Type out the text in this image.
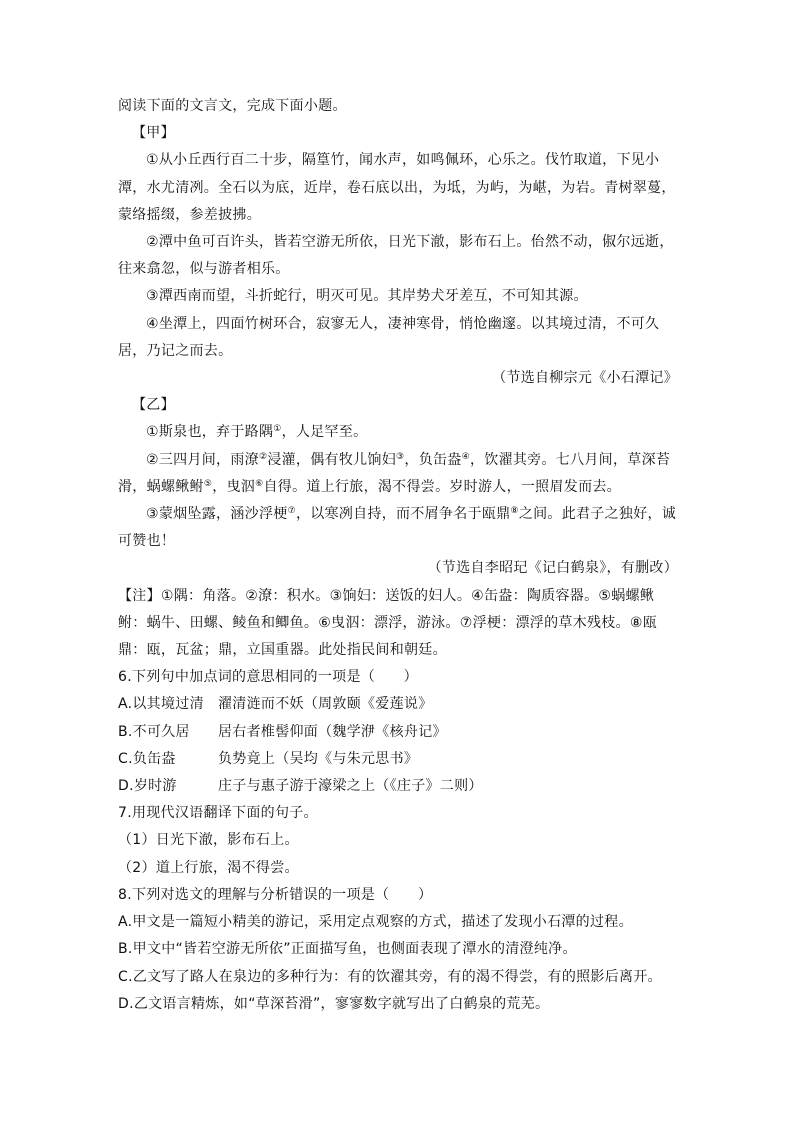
阅读下面的文言文，完成下面小题。

【甲】

①从小丘西行百二十步，隔篁竹，闻水声，如鸣佩环，心乐之。伐竹取道，下见小潭，水尤清冽。全石以为底，近岸，卷石底以出，为坻，为屿，为嵁，为岩。青树翠蔓，蒙络摇缀，参差披拂。

②潭中鱼可百许头，皆若空游无所依，日光下澈，影布石上。佁然不动，俶尔远逝，往来翕忽，似与游者相乐。

③潭西南而望，斗折蛇行，明灭可见。其岸势犬牙差互，不可知其源。

④坐潭上，四面竹树环合，寂寥无人，凄神寒骨，悄怆幽邃。以其境过清，不可久居，乃记之而去。

（节选自柳宗元《小石潭记》

【乙】

①斯泉也，弃于路隅①，人足罕至。

②三四月间，雨潦②浸灌，偶有牧儿饷妇③，负缶盎④，饮濯其旁。七八月间，草深苔滑，蜗螺鳅鲋⑤，曳泅⑥自得。道上行旅，渴不得尝。岁时游人，一照眉发而去。

③蒙烟坠露，涵沙浮梗⑦，以寒冽自持，而不屑争名于瓯鼎⑧之间。此君子之独好，诚可赞也！

（节选自李昭玘《记白鹤泉》，有删改）

【注】①隅：角落。②潦：积水。③饷妇：送饭的妇人。④缶盎：陶质容器。⑤蜗螺鳅鲋：蜗牛、田螺、鲮鱼和鲫鱼。⑥曳泅：漂浮，游泳。⑦浮梗：漂浮的草木残枝。⑧瓯鼎：瓯，瓦盆；鼎，立国重器。此处指民间和朝廷。

6.下列句中加点词的意思相同的一项是（　　）

A.以其境过清	濯清涟而不妖（周敦颐《爱莲说》
B.不可久居	居右者椎髻仰面（魏学洢《核舟记》
C.负缶盎	负势竟上（吴均《与朱元思书》
D.岁时游	庄子与惠子游于濠梁之上（《庄子》二则）

7.用现代汉语翻译下面的句子。

（1）日光下澈，影布石上。

（2）道上行旅，渴不得尝。

8.下列对选文的理解与分析错误的一项是（　　）

A.甲文是一篇短小精美的游记，采用定点观察的方式，描述了发现小石潭的过程。

B.甲文中“皆若空游无所依”正面描写鱼，也侧面表现了潭水的清澄纯净。

C.乙文写了路人在泉边的多种行为：有的饮濯其旁，有的渴不得尝，有的照影后离开。

D.乙文语言精炼，如“草深苔滑”，寥寥数字就写出了白鹤泉的荒芜。
